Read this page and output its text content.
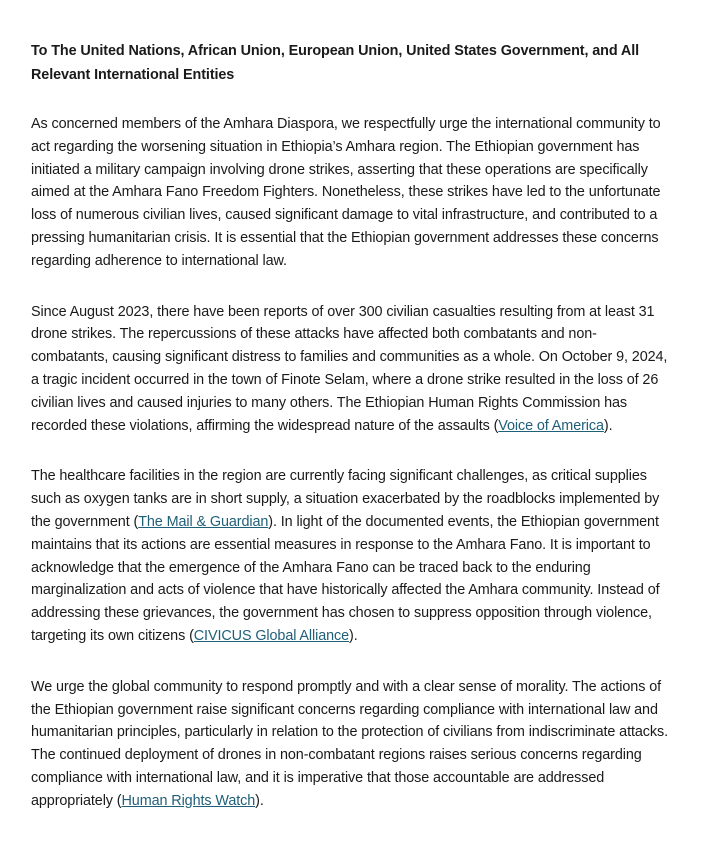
To The United Nations, African Union, European Union, United States Government, and All Relevant International Entities

As concerned members of the Amhara Diaspora, we respectfully urge the international community to act regarding the worsening situation in Ethiopia’s Amhara region. The Ethiopian government has initiated a military campaign involving drone strikes, asserting that these operations are specifically aimed at the Amhara Fano Freedom Fighters. Nonetheless, these strikes have led to the unfortunate loss of numerous civilian lives, caused significant damage to vital infrastructure, and contributed to a pressing humanitarian crisis. It is essential that the Ethiopian government addresses these concerns regarding adherence to international law.

Since August 2023, there have been reports of over 300 civilian casualties resulting from at least 31 drone strikes. The repercussions of these attacks have affected both combatants and non-combatants, causing significant distress to families and communities as a whole. On October 9, 2024, a tragic incident occurred in the town of Finote Selam, where a drone strike resulted in the loss of 26 civilian lives and caused injuries to many others. The Ethiopian Human Rights Commission has recorded these violations, affirming the widespread nature of the assaults (Voice of America).

The healthcare facilities in the region are currently facing significant challenges, as critical supplies such as oxygen tanks are in short supply, a situation exacerbated by the roadblocks implemented by the government (The Mail & Guardian). In light of the documented events, the Ethiopian government maintains that its actions are essential measures in response to the Amhara Fano. It is important to acknowledge that the emergence of the Amhara Fano can be traced back to the enduring marginalization and acts of violence that have historically affected the Amhara community. Instead of addressing these grievances, the government has chosen to suppress opposition through violence, targeting its own citizens (CIVICUS Global Alliance).

We urge the global community to respond promptly and with a clear sense of morality. The actions of the Ethiopian government raise significant concerns regarding compliance with international law and humanitarian principles, particularly in relation to the protection of civilians from indiscriminate attacks. The continued deployment of drones in non-combatant regions raises serious concerns regarding compliance with international law, and it is imperative that those accountable are addressed appropriately (Human Rights Watch).
